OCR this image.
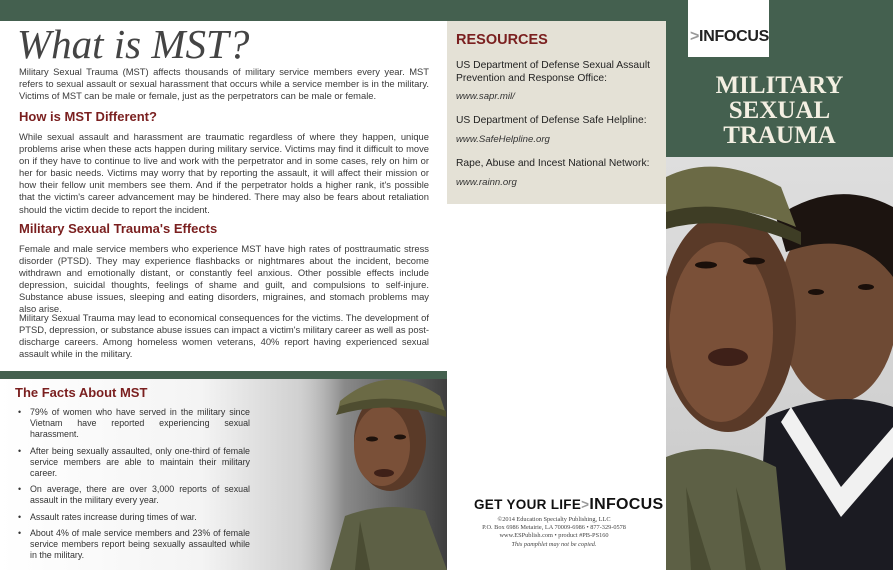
What is MST?

Military Sexual Trauma (MST) affects thousands of military service members every year. MST refers to sexual assault or sexual harassment that occurs while a service member is in the military. Victims of MST can be male or female, just as the perpetrators can be male or female.

How is MST Different?

While sexual assault and harassment are traumatic regardless of where they happen, unique problems arise when these acts happen during military service. Victims may find it difficult to move on if they have to continue to live and work with the perpetrator and in some cases, rely on him or her for basic needs. Victims may worry that by reporting the assault, it will affect their mission or how their fellow unit members see them. And if the perpetrator holds a higher rank, it's possible that the victim's career advancement may be hindered. There may also be fears about retaliation should the victim decide to report the incident.

Military Sexual Trauma's Effects

Female and male service members who experience MST have high rates of posttraumatic stress disorder (PTSD). They may experience flashbacks or nightmares about the incident, become withdrawn and emotionally distant, or constantly feel anxious. Other possible effects include depression, suicidal thoughts, feelings of shame and guilt, and compulsions to self-injure. Substance abuse issues, sleeping and eating disorders, migraines, and stomach problems may also arise.

Military Sexual Trauma may lead to economical consequences for the victims. The development of PTSD, depression, or substance abuse issues can impact a victim's military career as well as post-discharge careers. Among homeless women veterans, 40% report having experienced sexual assault while in the military.

• 79% of women who have served in the military since Vietnam have reported experiencing sexual harassment.
• After being sexually assaulted, only one-third of female service members are able to maintain their military career.
• On average, there are over 3,000 reports of sexual assault in the military every year.
• Assault rates increase during times of war.
• About 4% of male service members and 23% of female service members report being sexually assaulted while in the military.
The Facts About MST
RESOURCES

US Department of Defense Sexual Assault Prevention and Response Office:

www.sapr.mil/

US Department of Defense Safe Helpline:

www.SafeHelpline.org

Rape, Abuse and Incest National Network:

www.rainn.org

GET YOUR LIFE>INFOCUS

©2014 Education Specialty Publishing, LLC

P.O. Box 6986 Metairie, LA 70009-6986 • 877-329-0578

www.ESPublish.com • product #PB-PS160

This pamphlet may not be copied.

>INFOCUS
MILITARY
SEXUAL
TRAUMA
